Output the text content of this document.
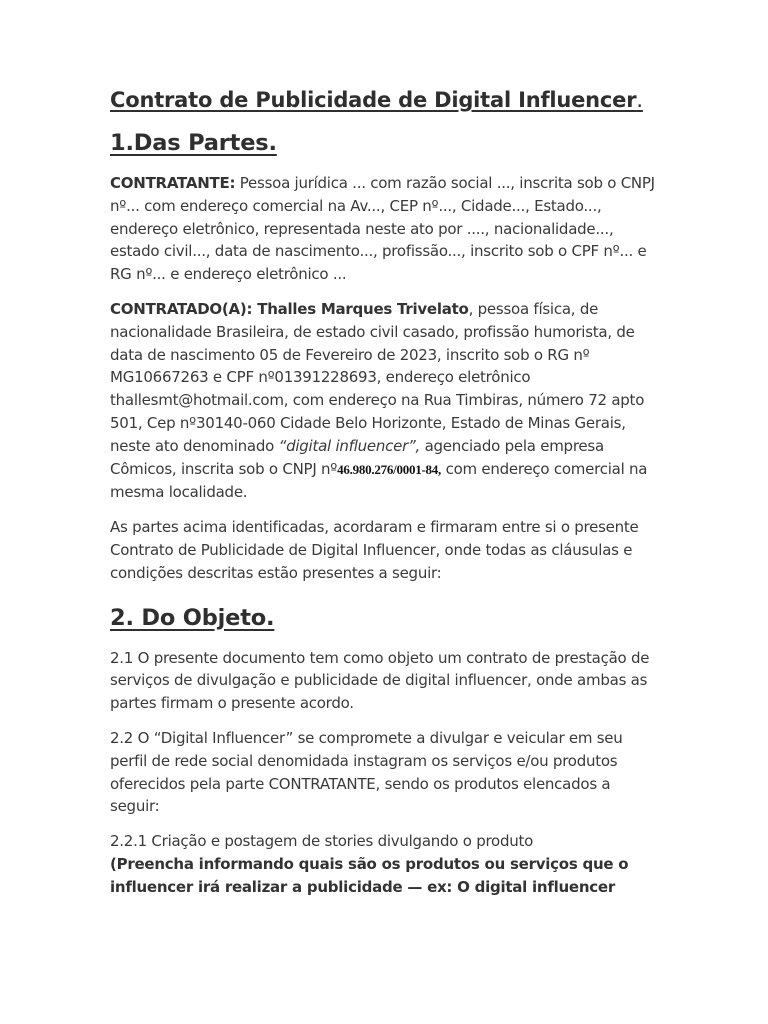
Contrato de Publicidade de Digital Influencer.
1.Das Partes.

CONTRATANTE: Pessoa jurídica ... com razão social ..., inscrita sob o CNPJ nº... com endereço comercial na Av..., CEP nº..., Cidade..., Estado..., endereço eletrônico, representada neste ato por ...., nacionalidade..., estado civil..., data de nascimento..., profissão..., inscrito sob o CPF nº... e RG nº... e endereço eletrônico ...

CONTRATADO(A): Thalles Marques Trivelato, pessoa física, de nacionalidade Brasileira, de estado civil casado, profissão humorista, de data de nascimento 05 de Fevereiro de 2023, inscrito sob o RG nº MG10667263 e CPF nº01391228693, endereço eletrônico thallesmt@hotmail.com, com endereço na Rua Timbiras, número 72 apto 501, Cep nº30140-060 Cidade Belo Horizonte, Estado de Minas Gerais, neste ato denominado “digital influencer”, agenciado pela empresa Cômicos, inscrita sob o CNPJ nº46.980.276/0001-84, com endereço comercial na mesma localidade.

As partes acima identificadas, acordaram e firmaram entre si o presente Contrato de Publicidade de Digital Influencer, onde todas as cláusulas e condições descritas estão presentes a seguir:

2. Do Objeto.

2.1 O presente documento tem como objeto um contrato de prestação de serviços de divulgação e publicidade de digital influencer, onde ambas as partes firmam o presente acordo.

2.2 O “Digital Influencer” se compromete a divulgar e veicular em seu perfil de rede social denomidada instagram os serviços e/ou produtos oferecidos pela parte CONTRATANTE, sendo os produtos elencados a seguir:

2.2.1 Criação e postagem de stories divulgando o produto
(Preencha informando quais são os produtos ou serviços que o influencer irá realizar a publicidade — ex: O digital influencer
